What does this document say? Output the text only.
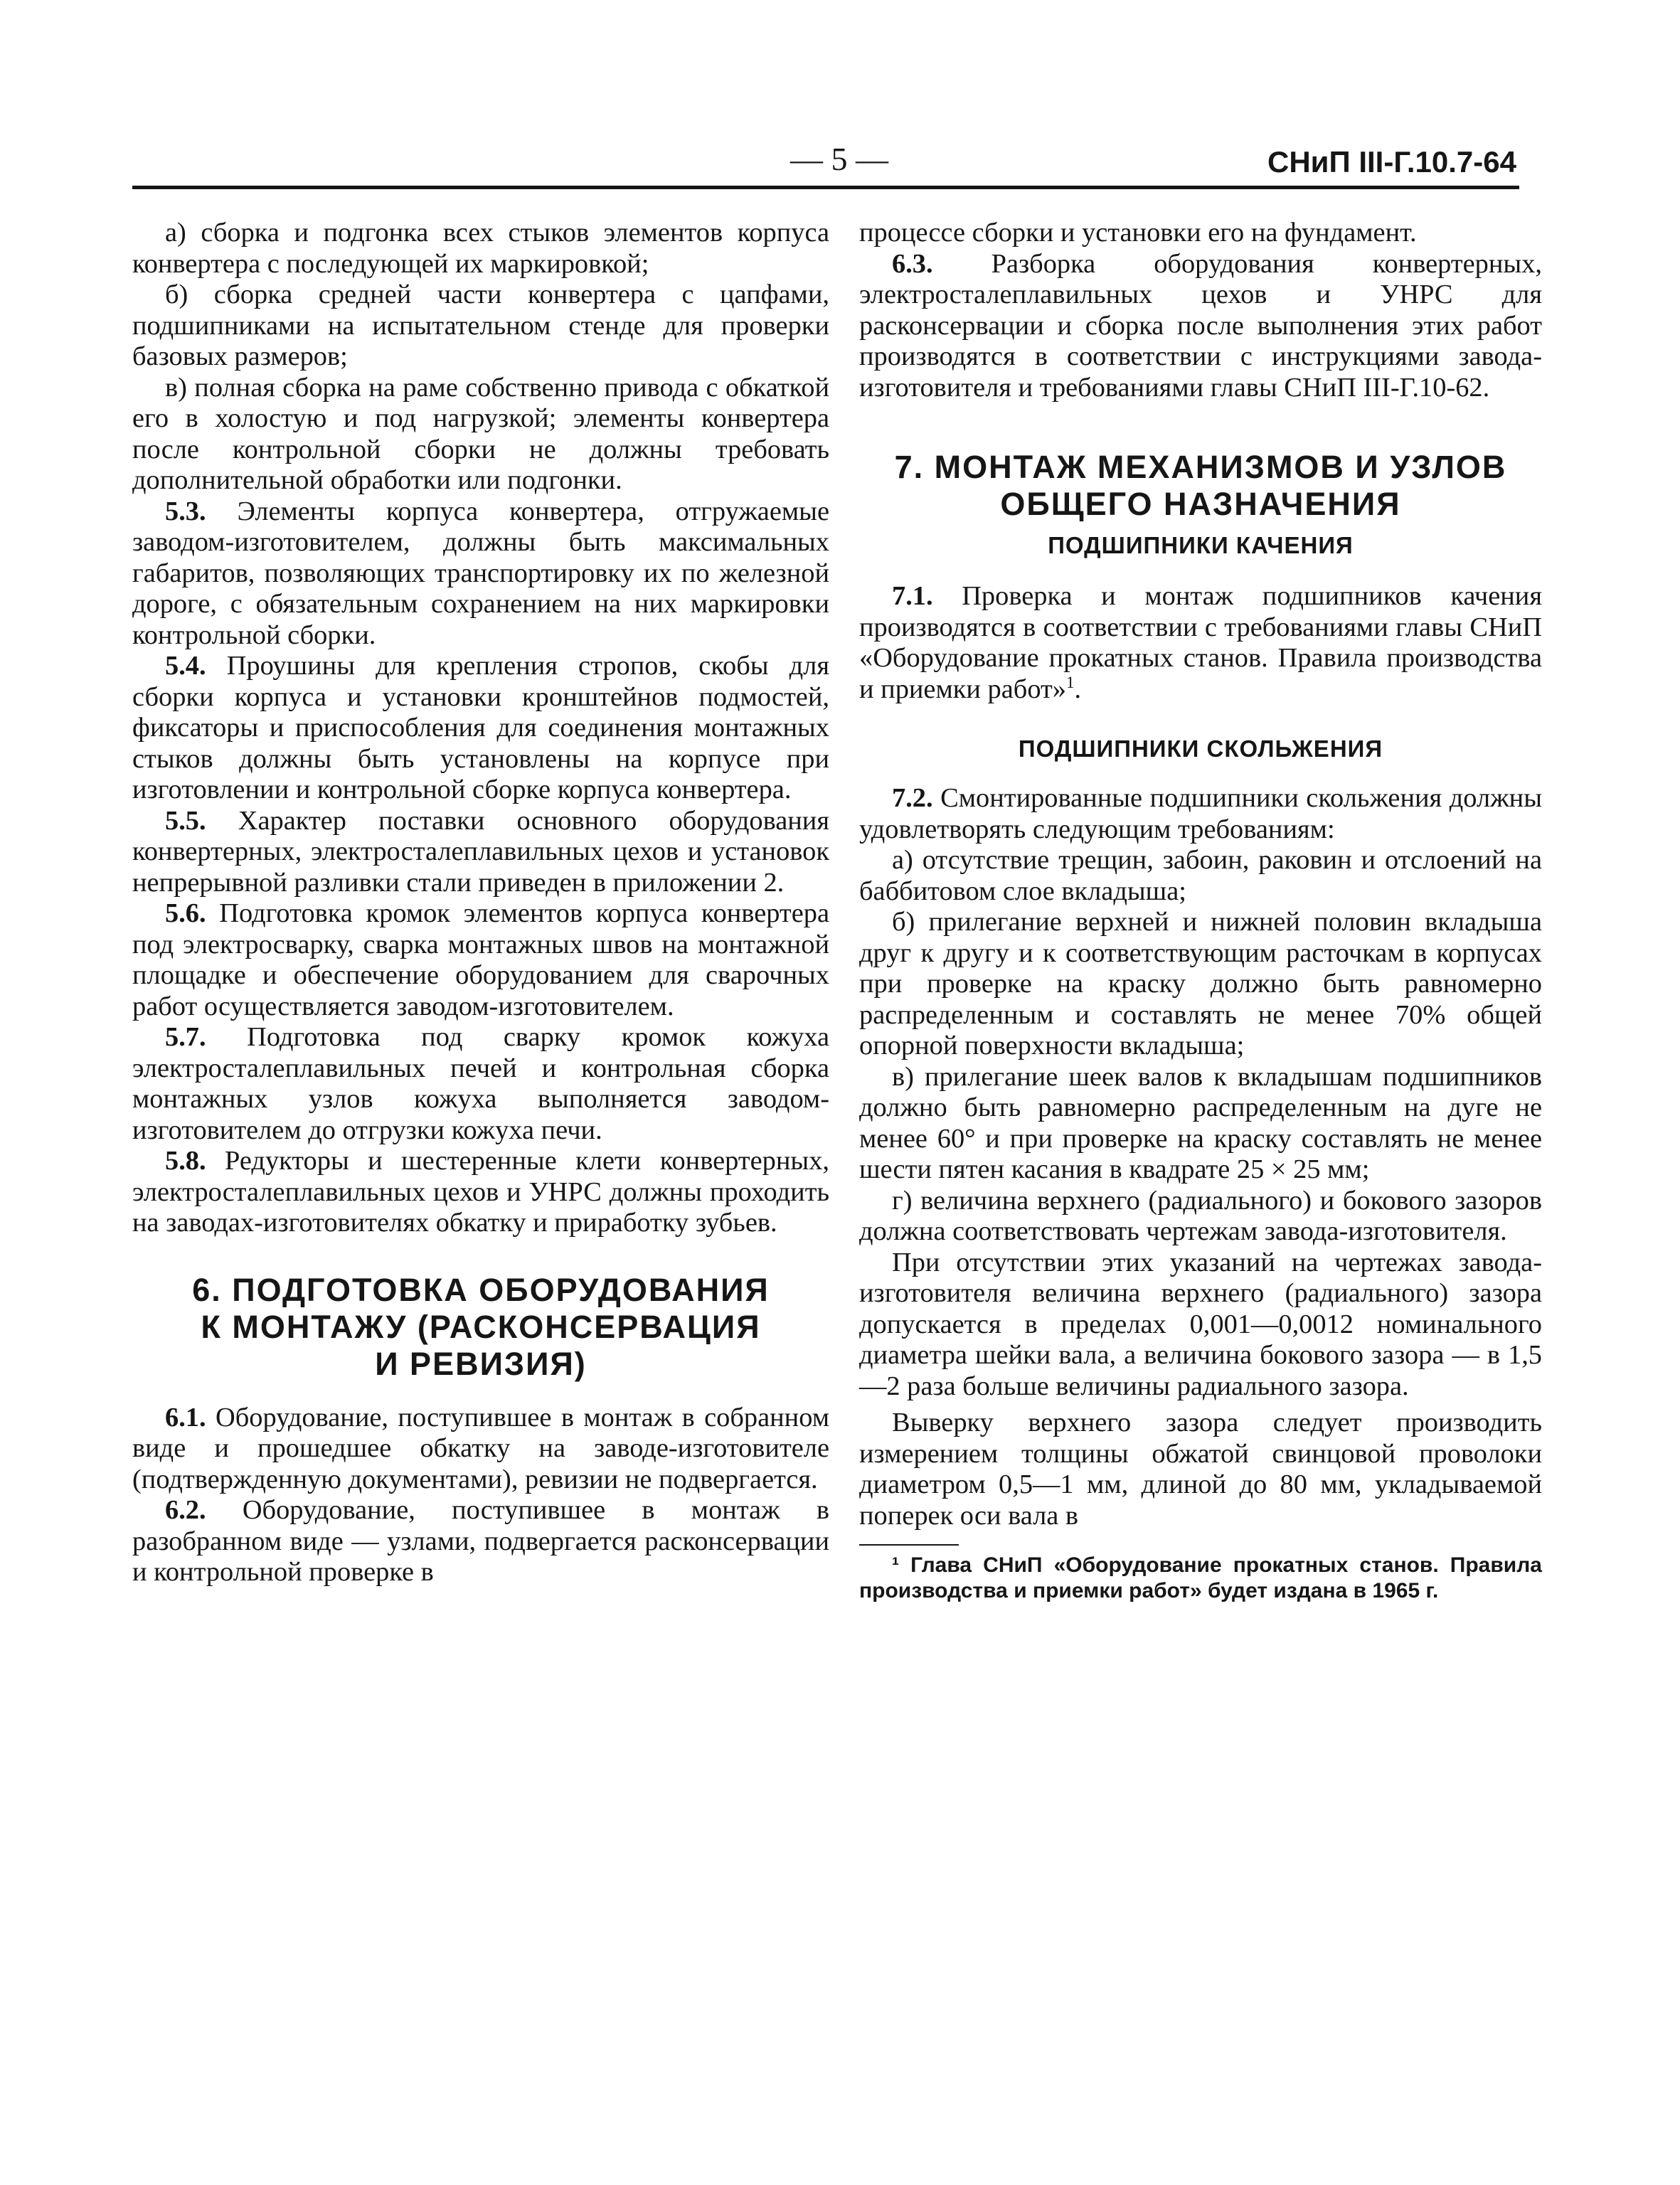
— 5 —	СНиП III-Г.10.7-64

а) сборка и подгонка всех стыков элементов корпуса конвертера с последующей их маркировкой;

б) сборка средней части конвертера с цапфами, подшипниками на испытательном стенде для проверки базовых размеров;

в) полная сборка на раме собственно привода с обкаткой его в холостую и под нагрузкой; элементы конвертера после контрольной сборки не должны требовать дополнительной обработки или подгонки.

5.3. Элементы корпуса конвертера, отгружаемые заводом-изготовителем, должны быть максимальных габаритов, позволяющих транспортировку их по железной дороге, с обязательным сохранением на них маркировки контрольной сборки.

5.4. Проушины для крепления стропов, скобы для сборки корпуса и установки кронштейнов подмостей, фиксаторы и приспособления для соединения монтажных стыков должны быть установлены на корпусе при изготовлении и контрольной сборке корпуса конвертера.

5.5. Характер поставки основного оборудования конвертерных, электросталеплавильных цехов и установок непрерывной разливки стали приведен в приложении 2.

5.6. Подготовка кромок элементов корпуса конвертера под электросварку, сварка монтажных швов на монтажной площадке и обеспечение оборудованием для сварочных работ осуществляется заводом-изготовителем.

5.7. Подготовка под сварку кромок кожуха электросталеплавильных печей и контрольная сборка монтажных узлов кожуха выполняется заводом-изготовителем до отгрузки кожуха печи.

5.8. Редукторы и шестеренные клети конвертерных, электросталеплавильных цехов и УНРС должны проходить на заводах-изготовителях обкатку и приработку зубьев.

6. ПОДГОТОВКА ОБОРУДОВАНИЯ
К МОНТАЖУ (РАСКОНСЕРВАЦИЯ
И РЕВИЗИЯ)

6.1. Оборудование, поступившее в монтаж в собранном виде и прошедшее обкатку на заводе-изготовителе (подтвержденную документами), ревизии не подвергается.

6.2. Оборудование, поступившее в монтаж в разобранном виде — узлами, подвергается расконсервации и контрольной проверке в

процессе сборки и установки его на фундамент.

6.3. Разборка оборудования конвертерных, электросталеплавильных цехов и УНРС для расконсервации и сборка после выполнения этих работ производятся в соответствии с инструкциями завода-изготовителя и требованиями главы СНиП III-Г.10-62.

7. МОНТАЖ МЕХАНИЗМОВ И УЗЛОВ
ОБЩЕГО НАЗНАЧЕНИЯ
ПОДШИПНИКИ КАЧЕНИЯ

7.1. Проверка и монтаж подшипников качения производятся в соответствии с требованиями главы СНиП «Оборудование прокатных станов. Правила производства и приемки работ»$^1$.

ПОДШИПНИКИ СКОЛЬЖЕНИЯ

7.2. Смонтированные подшипники скольжения должны удовлетворять следующим требованиям:

а) отсутствие трещин, забоин, раковин и отслоений на баббитовом слое вкладыша;

б) прилегание верхней и нижней половин вкладыша друг к другу и к соответствующим расточкам в корпусах при проверке на краску должно быть равномерно распределенным и составлять не менее 70% общей опорной поверхности вкладыша;

в) прилегание шеек валов к вкладышам подшипников должно быть равномерно распределенным на дуге не менее 60° и при проверке на краску составлять не менее шести пятен касания в квадрате 25 × 25 мм;

г) величина верхнего (радиального) и бокового зазоров должна соответствовать чертежам завода-изготовителя.

При отсутствии этих указаний на чертежах завода-изготовителя величина верхнего (радиального) зазора допускается в пределах 0,001—0,0012 номинального диаметра шейки вала, а величина бокового зазора — в 1,5—2 раза больше величины радиального зазора.

Выверку верхнего зазора следует производить измерением толщины обжатой свинцовой проволоки диаметром 0,5—1 мм, длиной до 80 мм, укладываемой поперек оси вала в

¹ Глава СНиП «Оборудование прокатных станов. Правила производства и приемки работ» будет издана в 1965 г.
